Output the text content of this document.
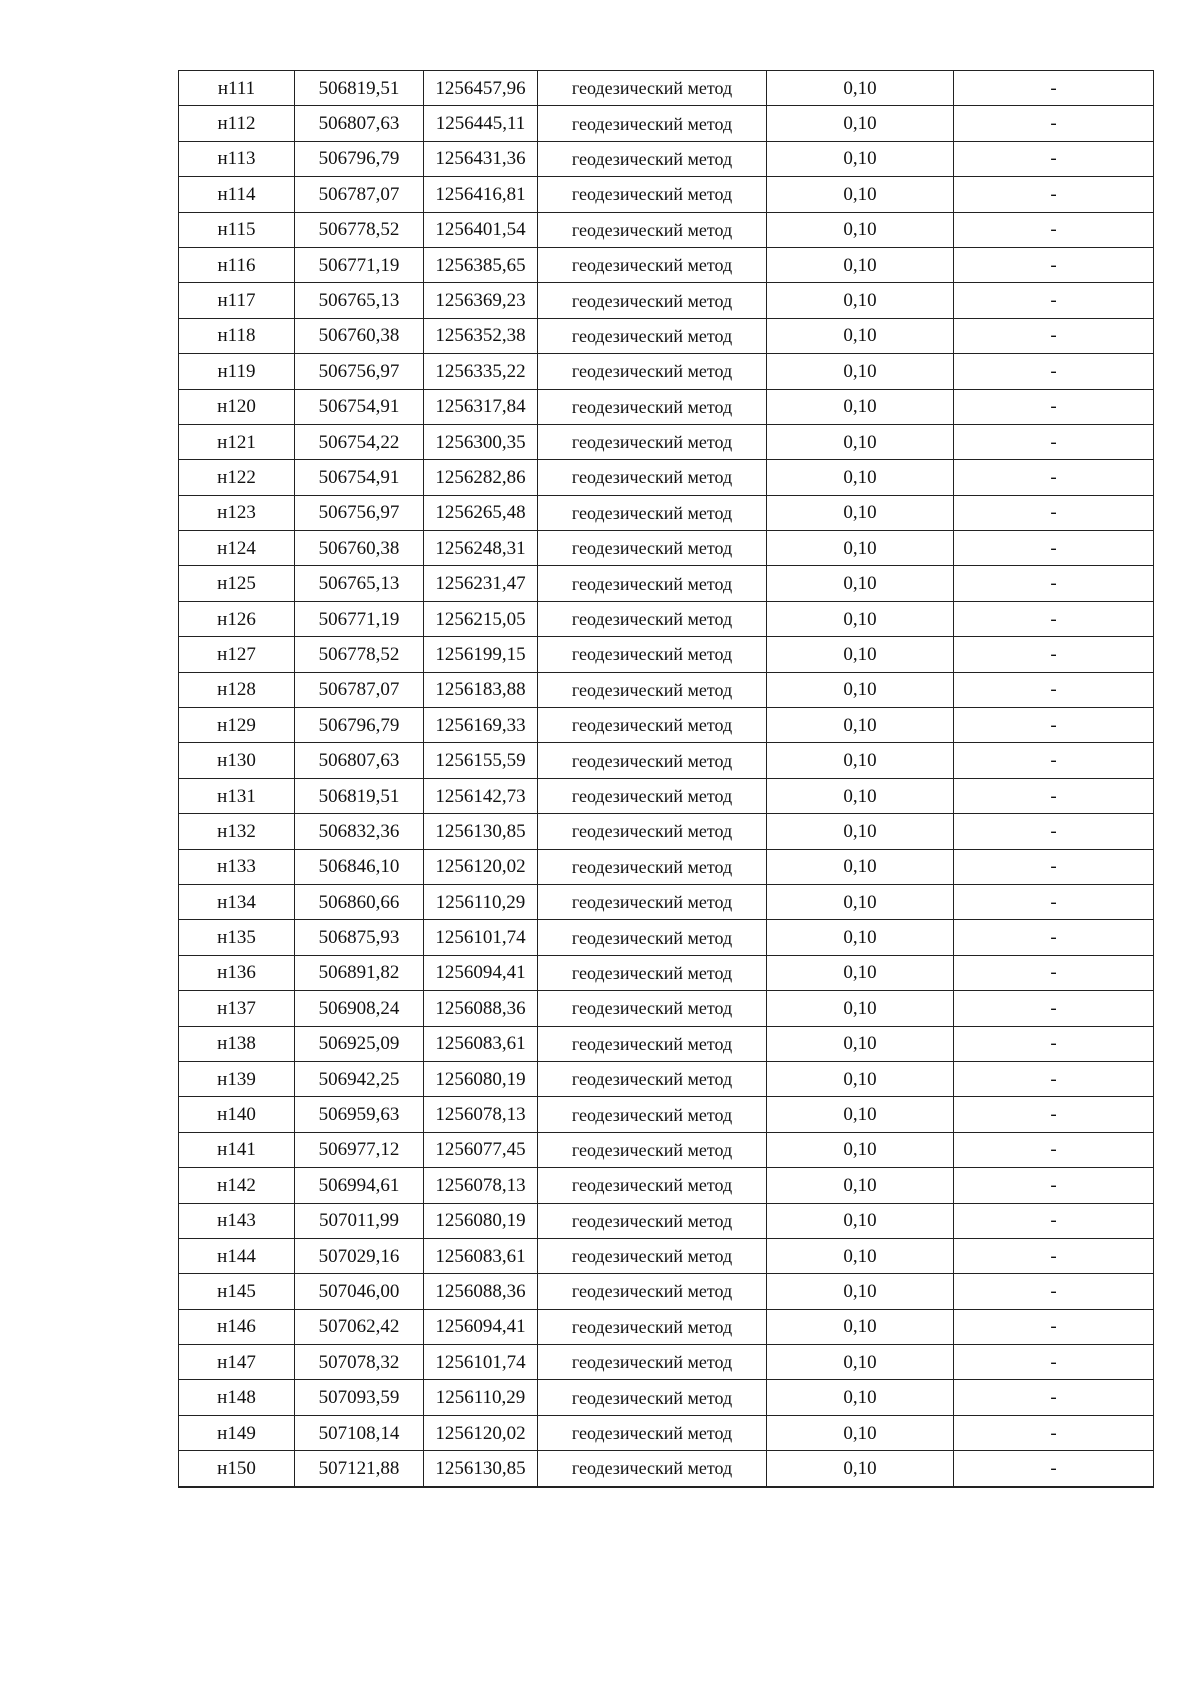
н111	506819,51	1256457,96	геодезический метод	0,10	-
н112	506807,63	1256445,11	геодезический метод	0,10	-
н113	506796,79	1256431,36	геодезический метод	0,10	-
н114	506787,07	1256416,81	геодезический метод	0,10	-
н115	506778,52	1256401,54	геодезический метод	0,10	-
н116	506771,19	1256385,65	геодезический метод	0,10	-
н117	506765,13	1256369,23	геодезический метод	0,10	-
н118	506760,38	1256352,38	геодезический метод	0,10	-
н119	506756,97	1256335,22	геодезический метод	0,10	-
н120	506754,91	1256317,84	геодезический метод	0,10	-
н121	506754,22	1256300,35	геодезический метод	0,10	-
н122	506754,91	1256282,86	геодезический метод	0,10	-
н123	506756,97	1256265,48	геодезический метод	0,10	-
н124	506760,38	1256248,31	геодезический метод	0,10	-
н125	506765,13	1256231,47	геодезический метод	0,10	-
н126	506771,19	1256215,05	геодезический метод	0,10	-
н127	506778,52	1256199,15	геодезический метод	0,10	-
н128	506787,07	1256183,88	геодезический метод	0,10	-
н129	506796,79	1256169,33	геодезический метод	0,10	-
н130	506807,63	1256155,59	геодезический метод	0,10	-
н131	506819,51	1256142,73	геодезический метод	0,10	-
н132	506832,36	1256130,85	геодезический метод	0,10	-
н133	506846,10	1256120,02	геодезический метод	0,10	-
н134	506860,66	1256110,29	геодезический метод	0,10	-
н135	506875,93	1256101,74	геодезический метод	0,10	-
н136	506891,82	1256094,41	геодезический метод	0,10	-
н137	506908,24	1256088,36	геодезический метод	0,10	-
н138	506925,09	1256083,61	геодезический метод	0,10	-
н139	506942,25	1256080,19	геодезический метод	0,10	-
н140	506959,63	1256078,13	геодезический метод	0,10	-
н141	506977,12	1256077,45	геодезический метод	0,10	-
н142	506994,61	1256078,13	геодезический метод	0,10	-
н143	507011,99	1256080,19	геодезический метод	0,10	-
н144	507029,16	1256083,61	геодезический метод	0,10	-
н145	507046,00	1256088,36	геодезический метод	0,10	-
н146	507062,42	1256094,41	геодезический метод	0,10	-
н147	507078,32	1256101,74	геодезический метод	0,10	-
н148	507093,59	1256110,29	геодезический метод	0,10	-
н149	507108,14	1256120,02	геодезический метод	0,10	-
н150	507121,88	1256130,85	геодезический метод	0,10	-
